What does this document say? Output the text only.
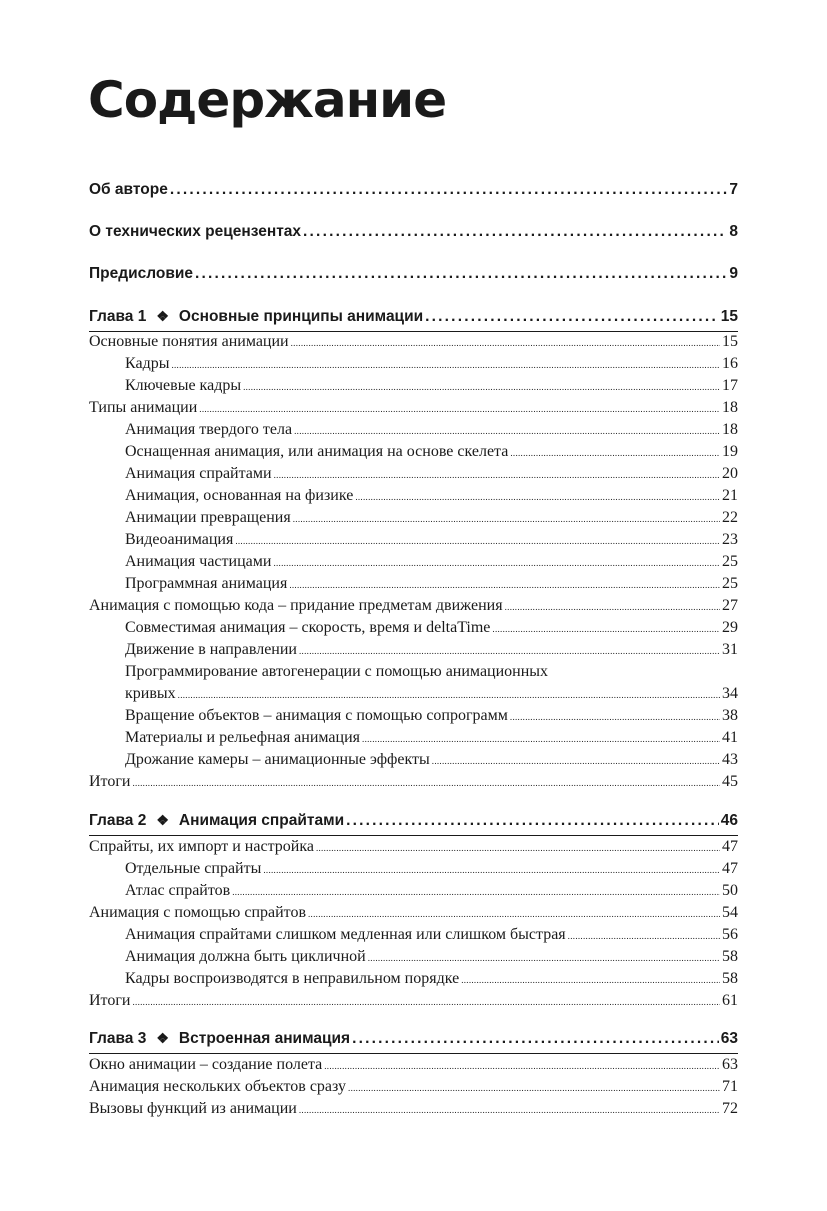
Содержание
Об авторе .....	7
О технических рецензентах .....	8
Предисловие .....	9
Глава 1 ❖ Основные принципы анимации .....	15
Основные понятия анимации .....	15
Кадры .....	16
Ключевые кадры .....	17
Типы анимации .....	18
Анимация твердого тела .....	18
Оснащенная анимация, или анимация на основе скелета .....	19
Анимация спрайтами .....	20
Анимация, основанная на физике .....	21
Анимации превращения .....	22
Видеоанимация .....	23
Анимация частицами .....	25
Программная анимация .....	25
Анимация с помощью кода – придание предметам движения .....	27
Совместимая анимация – скорость, время и deltaTime .....	29
Движение в направлении .....	31
Программирование автогенерации с помощью анимационных
кривых .....	34
Вращение объектов – анимация с помощью сопрограмм .....	38
Материалы и рельефная анимация .....	41
Дрожание камеры – анимационные эффекты .....	43
Итоги .....	45
Глава 2 ❖ Анимация спрайтами .....	46
Спрайты, их импорт и настройка .....	47
Отдельные спрайты .....	47
Атлас спрайтов .....	50
Анимация с помощью спрайтов .....	54
Анимация спрайтами слишком медленная или слишком быстрая .....	56
Анимация должна быть цикличной .....	58
Кадры воспроизводятся в неправильном порядке .....	58
Итоги .....	61
Глава 3 ❖ Встроенная анимация .....	63
Окно анимации – создание полета .....	63
Анимация нескольких объектов сразу .....	71
Вызовы функций из анимации .....	72
